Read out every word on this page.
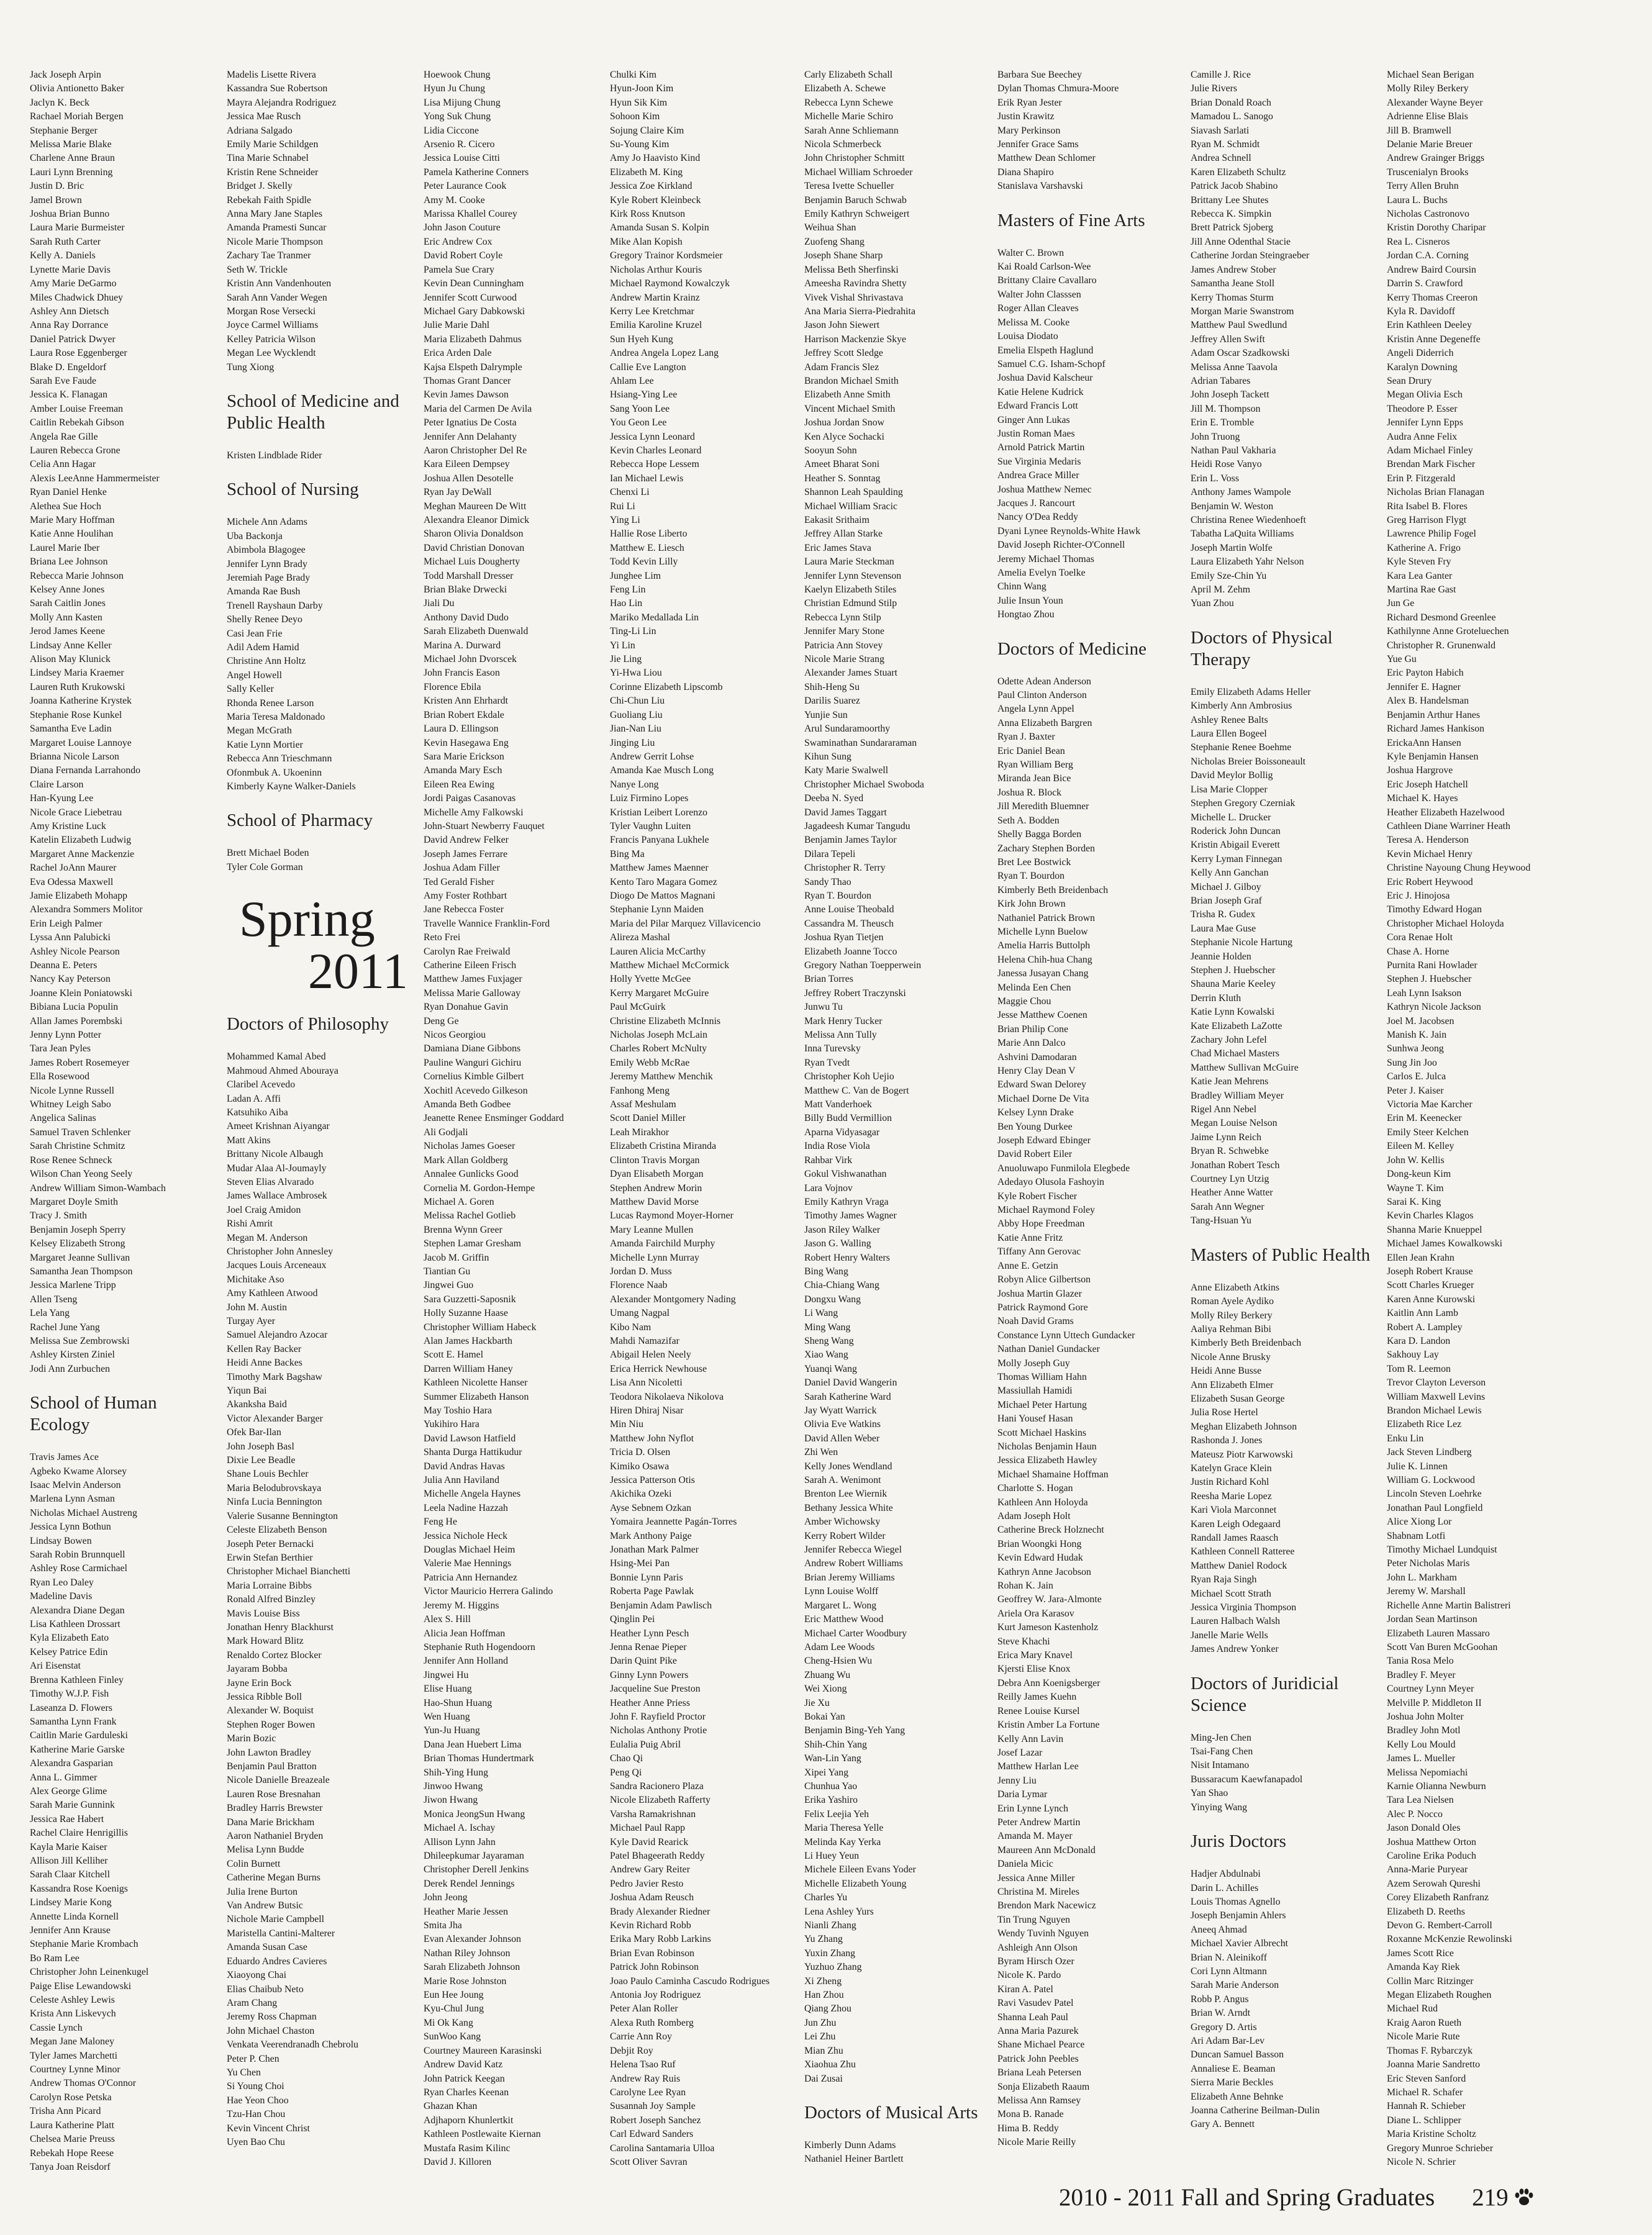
Jack Joseph Arpin
Olivia Antionetto Baker
Jaclyn K. Beck
Rachael Moriah Bergen
Stephanie Berger
Melissa Marie Blake
Charlene Anne Braun
Lauri Lynn Brenning
Justin D. Bric
Jamel Brown
Joshua Brian Bunno
Laura Marie Burmeister
Sarah Ruth Carter
Kelly A. Daniels
Lynette Marie Davis
Amy Marie DeGarmo
Miles Chadwick Dhuey
Ashley Ann Dietsch
Anna Ray Dorrance
Daniel Patrick Dwyer
Laura Rose Eggenberger
Blake D. Engeldorf
Sarah Eve Faude
Jessica K. Flanagan
Amber Louise Freeman
Caitlin Rebekah Gibson
Angela Rae Gille
Lauren Rebecca Grone
Celia Ann Hagar
Alexis LeeAnne Hammermeister
Ryan Daniel Henke
Alethea Sue Hoch
Marie Mary Hoffman
Katie Anne Houlihan
Laurel Marie Iber
Briana Lee Johnson
Rebecca Marie Johnson
Kelsey Anne Jones
Sarah Caitlin Jones
Molly Ann Kasten
Jerod James Keene
Lindsay Anne Keller
Alison May Klunick
Lindsey Maria Kraemer
Lauren Ruth Krukowski
Joanna Katherine Krystek
Stephanie Rose Kunkel
Samantha Eve Ladin
Margaret Louise Lannoye
Brianna Nicole Larson
Diana Fernanda Larrahondo
Claire Larson
Han-Kyung Lee
Nicole Grace Liebetrau
Amy Kristine Luck
Katelin Elizabeth Ludwig
Margaret Anne Mackenzie
Rachel JoAnn Maurer
Eva Odessa Maxwell
Jamie Elizabeth Mohapp
Alexandra Sommers Molitor
Erin Leigh Palmer
Lyssa Ann Palubicki
Ashley Nicole Pearson
Deanna E. Peters
Nancy Kay Peterson
Joanne Klein Poniatowski
Bibiana Lucia Populin
Allan James Porembski
Jenny Lynn Potter
Tara Jean Pyles
James Robert Rosemeyer
Ella Rosewood
Nicole Lynne Russell
Whitney Leigh Sabo
Angelica Salinas
Samuel Traven Schlenker
Sarah Christine Schmitz
Rose Renee Schneck
Wilson Chan Yeong Seely
Andrew William Simon-Wambach
Margaret Doyle Smith
Tracy J. Smith
Benjamin Joseph Sperry
Kelsey Elizabeth Strong
Margaret Jeanne Sullivan
Samantha Jean Thompson
Jessica Marlene Tripp
Allen Tseng
Lela Yang
Rachel June Yang
Melissa Sue Zembrowski
Ashley Kirsten Ziniel
Jodi Ann Zurbuchen
School of Human Ecology
Travis James Ace
Agbeko Kwame Alorsey
Isaac Melvin Anderson
Marlena Lynn Asman
Nicholas Michael Austreng
Jessica Lynn Bothun
Lindsay Bowen
Sarah Robin Brunnquell
Ashley Rose Carmichael
Ryan Leo Daley
Madeline Davis
Alexandra Diane Degan
Lisa Kathleen Drossart
Kyla Elizabeth Eato
Kelsey Patrice Edin
Ari Eisenstat
Brenna Kathleen Finley
Timothy W.J.P. Fish
Laseanza D. Flowers
Samantha Lynn Frank
Caitlin Marie Garduleski
Katherine Marie Garske
Alexandra Gasparian
Anna L. Gimmer
Alex George Glime
Sarah Marie Gunnink
Jessica Rae Habert
Rachel Claire Henrigillis
Kayla Marie Kaiser
Allison Jill Kelliher
Sarah Claar Kitchell
Kassandra Rose Koenigs
Lindsey Marie Kong
Annette Linda Kornell
Jennifer Ann Krause
Stephanie Marie Krombach
Bo Ram Lee
Christopher John Leinenkugel
Paige Elise Lewandowski
Celeste Ashley Lewis
Krista Ann Liskevych
Cassie Lynch
Megan Jane Maloney
Tyler James Marchetti
Courtney Lynne Minor
Andrew Thomas O'Connor
Carolyn Rose Petska
Trisha Ann Picard
Laura Katherine Platt
Chelsea Marie Preuss
Rebekah Hope Reese
Tanya Joan Reisdorf
Madelis Lisette Rivera
Kassandra Sue Robertson
Mayra Alejandra Rodriguez
Jessica Mae Rusch
Adriana Salgado
Emily Marie Schildgen
Tina Marie Schnabel
Kristin Rene Schneider
Bridget J. Skelly
Rebekah Faith Spidle
Anna Mary Jane Staples
Amanda Pramesti Suncar
Nicole Marie Thompson
Zachary Tae Tranmer
Seth W. Trickle
Kristin Ann Vandenhouten
Sarah Ann Vander Wegen
Morgan Rose Versecki
Joyce Carmel Williams
Kelley Patricia Wilson
Megan Lee Wycklendt
Tung Xiong
School of Medicine and Public Health
Kristen Lindblade Rider
School of Nursing
Michele Ann Adams
Uba Backonja
Abimbola Blagogee
Jennifer Lynn Brady
Jeremiah Page Brady
Amanda Rae Bush
Trenell Rayshaun Darby
Shelly Renee Deyo
Casi Jean Frie
Adil Adem Hamid
Christine Ann Holtz
Angel Howell
Sally Keller
Rhonda Renee Larson
Maria Teresa Maldonado
Megan McGrath
Katie Lynn Mortier
Rebecca Ann Trieschmann
Ofonmbuk A. Ukoeninn
Kimberly Kayne Walker-Daniels
School of Pharmacy
Brett Michael Boden
Tyler Cole Gorman
Spring
2011
Doctors of Philosophy
Mohammed Kamal Abed
Mahmoud Ahmed Abouraya
Claribel Acevedo
Ladan A. Affi
Katsuhiko Aiba
Ameet Krishnan Aiyangar
Matt Akins
Brittany Nicole Albaugh
Mudar Alaa Al-Joumayly
Steven Elias Alvarado
James Wallace Ambrosek
Joel Craig Amidon
Rishi Amrit
Megan M. Anderson
Christopher John Annesley
Jacques Louis Arceneaux
Michitake Aso
Amy Kathleen Atwood
John M. Austin
Turgay Ayer
Samuel Alejandro Azocar
Kellen Ray Backer
Heidi Anne Backes
Timothy Mark Bagshaw
Yiqun Bai
Akanksha Baid
Victor Alexander Barger
Ofek Bar-Ilan
John Joseph Basl
Dixie Lee Beadle
Shane Louis Bechler
Maria Belodubrovskaya
Ninfa Lucia Bennington
Valerie Susanne Bennington
Celeste Elizabeth Benson
Joseph Peter Bernacki
Erwin Stefan Berthier
Christopher Michael Bianchetti
Maria Lorraine Bibbs
Ronald Alfred Binzley
Mavis Louise Biss
Jonathan Henry Blackhurst
Mark Howard Blitz
Renaldo Cortez Blocker
Jayaram Bobba
Jayne Erin Bock
Jessica Ribble Boll
Alexander W. Boquist
Stephen Roger Bowen
Marin Bozic
John Lawton Bradley
Benjamin Paul Bratton
Nicole Danielle Breazeale
Lauren Rose Bresnahan
Bradley Harris Brewster
Dana Marie Brickham
Aaron Nathaniel Bryden
Melisa Lynn Budde
Colin Burnett
Catherine Megan Burns
Julia Irene Burton
Van Andrew Butsic
Nichole Marie Campbell
Maristella Cantini-Malterer
Amanda Susan Case
Eduardo Andres Cavieres
Xiaoyong Chai
Elias Chaibub Neto
Aram Chang
Jeremy Ross Chapman
John Michael Chaston
Venkata Veerendranadh Chebrolu
Peter P. Chen
Yu Chen
Si Young Choi
Hae Yeon Choo
Tzu-Han Chou
Kevin Vincent Christ
Uyen Bao Chu
Hoewook Chung
Hyun Ju Chung
Lisa Mijung Chung
Yong Suk Chung
Lidia Ciccone
Arsenio R. Cicero
Jessica Louise Citti
Pamela Katherine Conners
Peter Laurance Cook
Amy M. Cooke
Marissa Khallel Courey
John Jason Couture
Eric Andrew Cox
David Robert Coyle
Pamela Sue Crary
Kevin Dean Cunningham
Jennifer Scott Curwood
Michael Gary Dabkowski
Julie Marie Dahl
Maria Elizabeth Dahmus
Erica Arden Dale
Kajsa Elspeth Dalrymple
Thomas Grant Dancer
Kevin James Dawson
Maria del Carmen De Avila
Peter Ignatius De Costa
Jennifer Ann Delahanty
Aaron Christopher Del Re
Kara Eileen Dempsey
Joshua Allen Desotelle
Ryan Jay DeWall
Meghan Maureen De Witt
Alexandra Eleanor Dimick
Sharon Olivia Donaldson
David Christian Donovan
Michael Luis Dougherty
Todd Marshall Dresser
Brian Blake Drwecki
Jiali Du
Anthony David Dudo
Sarah Elizabeth Duenwald
Marina A. Durward
Michael John Dvorscek
John Francis Eason
Florence Ebila
Kristen Ann Ehrhardt
Brian Robert Ekdale
Laura D. Ellingson
Kevin Hasegawa Eng
Sara Marie Erickson
Amanda Mary Esch
Eileen Rea Ewing
Jordi Paigas Casanovas
Michelle Amy Falkowski
John-Stuart Newberry Fauquet
David Andrew Felker
Joseph James Ferrare
Joshua Adam Filler
Ted Gerald Fisher
Amy Foster Rothbart
Jane Rebecca Foster
Travelle Wannice Franklin-Ford
Reto Frei
Carolyn Rae Freiwald
Catherine Eileen Frisch
Matthew James Fuxjager
Melissa Marie Galloway
Ryan Donahue Gavin
Deng Ge
Nicos Georgiou
Damiana Diane Gibbons
Pauline Wanguri Gichiru
Cornelius Kimble Gilbert
Xochitl Acevedo Gilkeson
Amanda Beth Godbee
Jeanette Renee Ensminger Goddard
Ali Godjali
Nicholas James Goeser
Mark Allan Goldberg
Annalee Gunlicks Good
Cornelia M. Gordon-Hempe
Michael A. Goren
Melissa Rachel Gotlieb
Brenna Wynn Greer
Stephen Lamar Gresham
Jacob M. Griffin
Tiantian Gu
Jingwei Guo
Sara Guzzetti-Saposnik
Holly Suzanne Haase
Christopher William Habeck
Alan James Hackbarth
Scott E. Hamel
Darren William Haney
Kathleen Nicolette Hanser
Summer Elizabeth Hanson
May Toshio Hara
Yukihiro Hara
David Lawson Hatfield
Shanta Durga Hattikudur
David Andras Havas
Julia Ann Haviland
Michelle Angela Haynes
Leela Nadine Hazzah
Feng He
Jessica Nichole Heck
Douglas Michael Heim
Valerie Mae Hennings
Patricia Ann Hernandez
Victor Mauricio Herrera Galindo
Jeremy M. Higgins
Alex S. Hill
Alicia Jean Hoffman
Stephanie Ruth Hogendoorn
Jennifer Ann Holland
Jingwei Hu
Elise Huang
Hao-Shun Huang
Wen Huang
Yun-Ju Huang
Dana Jean Huebert Lima
Brian Thomas Hundertmark
Shih-Ying Hung
Jinwoo Hwang
Jiwon Hwang
Monica JeongSun Hwang
Michael A. Ischay
Allison Lynn Jahn
Dhileepkumar Jayaraman
Christopher Derell Jenkins
Derek Rendel Jennings
John Jeong
Heather Marie Jessen
Smita Jha
Evan Alexander Johnson
Nathan Riley Johnson
Sarah Elizabeth Johnson
Marie Rose Johnston
Eun Hee Joung
Kyu-Chul Jung
Mi Ok Kang
SunWoo Kang
Courtney Maureen Karasinski
Andrew David Katz
John Patrick Keegan
Ryan Charles Keenan
Ghazan Khan
Adjhaporn Khunlertkit
Kathleen Postlewaite Kiernan
Mustafa Rasim Kilinc
David J. Killoren
Chulki Kim
Hyun-Joon Kim
Hyun Sik Kim
Sohoon Kim
Sojung Claire Kim
Su-Young Kim
Amy Jo Haavisto Kind
Elizabeth M. King
Jessica Zoe Kirkland
Kyle Robert Kleinbeck
Kirk Ross Knutson
Amanda Susan S. Kolpin
Mike Alan Kopish
Gregory Trainor Kordsmeier
Nicholas Arthur Kouris
Michael Raymond Kowalczyk
Andrew Martin Krainz
Kerry Lee Kretchmar
Emilia Karoline Kruzel
Sun Hyeh Kung
Andrea Angela Lopez Lang
Callie Eve Langton
Ahlam Lee
Hsiang-Ying Lee
Sang Yoon Lee
You Geon Lee
Jessica Lynn Leonard
Kevin Charles Leonard
Rebecca Hope Lessem
Ian Michael Lewis
Chenxi Li
Rui Li
Ying Li
Hallie Rose Liberto
Matthew E. Liesch
Todd Kevin Lilly
Junghee Lim
Feng Lin
Hao Lin
Mariko Medallada Lin
Ting-Li Lin
Yi Lin
Jie Ling
Yi-Hwa Liou
Corinne Elizabeth Lipscomb
Chi-Chun Liu
Guoliang Liu
Jian-Nan Liu
Jinging Liu
Andrew Gerrit Lohse
Amanda Kae Musch Long
Nanye Long
Luiz Firmino Lopes
Kristian Leibert Lorenzo
Tyler Vaughn Luiten
Francis Panyana Lukhele
Bing Ma
Matthew James Maenner
Kento Taro Magara Gomez
Diogo De Mattos Magnani
Stephanie Lynn Maiden
Maria del Pilar Marquez Villavicencio
Alireza Mashal
Lauren Alicia McCarthy
Matthew Michael McCormick
Holly Yvette McGee
Kerry Margaret McGuire
Paul McGuirk
Christine Elizabeth McInnis
Nicholas Joseph McLain
Charles Robert McNulty
Emily Webb McRae
Jeremy Matthew Menchik
Fanhong Meng
Assaf Meshulam
Scott Daniel Miller
Leah Mirakhor
Elizabeth Cristina Miranda
Clinton Travis Morgan
Dyan Elisabeth Morgan
Stephen Andrew Morin
Matthew David Morse
Lucas Raymond Moyer-Horner
Mary Leanne Mullen
Amanda Fairchild Murphy
Michelle Lynn Murray
Jordan D. Muss
Florence Naab
Alexander Montgomery Nading
Umang Nagpal
Kibo Nam
Mahdi Namazifar
Abigail Helen Neely
Erica Herrick Newhouse
Lisa Ann Nicoletti
Teodora Nikolaeva Nikolova
Hiren Dhiraj Nisar
Min Niu
Matthew John Nyflot
Tricia D. Olsen
Kimiko Osawa
Jessica Patterson Otis
Akichika Ozeki
Ayse Sebnem Ozkan
Yomaira Jeannette Pagán-Torres
Mark Anthony Paige
Jonathan Mark Palmer
Hsing-Mei Pan
Bonnie Lynn Paris
Roberta Page Pawlak
Benjamin Adam Pawlisch
Qinglin Pei
Heather Lynn Pesch
Jenna Renae Pieper
Darin Quint Pike
Ginny Lynn Powers
Jacqueline Sue Preston
Heather Anne Priess
John F. Rayfield Proctor
Nicholas Anthony Protie
Eulalia Puig Abril
Chao Qi
Peng Qi
Sandra Racionero Plaza
Nicole Elizabeth Rafferty
Varsha Ramakrishnan
Michael Paul Rapp
Kyle David Rearick
Patel Bhageerath Reddy
Andrew Gary Reiter
Pedro Javier Resto
Joshua Adam Reusch
Brady Alexander Riedner
Kevin Richard Robb
Erika Mary Robb Larkins
Brian Evan Robinson
Patrick John Robinson
Joao Paulo Caminha Cascudo Rodrigues
Antonia Joy Rodriguez
Peter Alan Roller
Alexa Ruth Romberg
Carrie Ann Roy
Debjit Roy
Helena Tsao Ruf
Andrew Ray Ruis
Carolyne Lee Ryan
Susannah Joy Sample
Robert Joseph Sanchez
Carl Edward Sanders
Carolina Santamaria Ulloa
Scott Oliver Savran
Carly Elizabeth Schall
Elizabeth A. Schewe
Rebecca Lynn Schewe
Michelle Marie Schiro
Sarah Anne Schliemann
Nicola Schmerbeck
John Christopher Schmitt
Michael William Schroeder
Teresa Ivette Schueller
Benjamin Baruch Schwab
Emily Kathryn Schweigert
Weihua Shan
Zuofeng Shang
Joseph Shane Sharp
Melissa Beth Sherfinski
Ameesha Ravindra Shetty
Vivek Vishal Shrivastava
Ana Maria Sierra-Piedrahita
Jason John Siewert
Harrison Mackenzie Skye
Jeffrey Scott Sledge
Adam Francis Slez
Brandon Michael Smith
Elizabeth Anne Smith
Vincent Michael Smith
Joshua Jordan Snow
Ken Alyce Sochacki
Sooyun Sohn
Ameet Bharat Soni
Heather S. Sonntag
Shannon Leah Spaulding
Michael William Sracic
Eakasit Srithaim
Jeffrey Allan Starke
Eric James Stava
Laura Marie Steckman
Jennifer Lynn Stevenson
Kaelyn Elizabeth Stiles
Christian Edmund Stilp
Rebecca Lynn Stilp
Jennifer Mary Stone
Patricia Ann Stovey
Nicole Marie Strang
Alexander James Stuart
Shih-Heng Su
Darilis Suarez
Yunjie Sun
Arul Sundaramoorthy
Swaminathan Sundararaman
Kihun Sung
Katy Marie Swalwell
Christopher Michael Swoboda
Deeba N. Syed
David James Taggart
Jagadeesh Kumar Tangudu
Benjamin James Taylor
Dilara Tepeli
Christopher R. Terry
Sandy Thao
Ryan T. Bourdon
Anne Louise Theobald
Cassandra M. Theusch
Joshua Ryan Tietjen
Elizabeth Joanne Tocco
Gregory Nathan Toepperwein
Brian Torres
Jeffrey Robert Traczynski
Junwu Tu
Mark Henry Tucker
Melissa Ann Tully
Inna Turevsky
Ryan Tvedt
Christopher Koh Uejio
Matthew C. Van de Bogert
Matt Vanderhoek
Billy Budd Vermillion
Aparna Vidyasagar
India Rose Viola
Rahbar Virk
Gokul Vishwanathan
Lara Vojnov
Emily Kathryn Vraga
Timothy James Wagner
Jason Riley Walker
Jason G. Walling
Robert Henry Walters
Bing Wang
Chia-Chiang Wang
Dongxu Wang
Li Wang
Ming Wang
Sheng Wang
Xiao Wang
Yuanqi Wang
Daniel David Wangerin
Sarah Katherine Ward
Jay Wyatt Warrick
Olivia Eve Watkins
David Allen Weber
Zhi Wen
Kelly Jones Wendland
Sarah A. Wenimont
Brenton Lee Wiernik
Bethany Jessica White
Amber Wichowsky
Kerry Robert Wilder
Jennifer Rebecca Wiegel
Andrew Robert Williams
Brian Jeremy Williams
Lynn Louise Wolff
Margaret L. Wong
Eric Matthew Wood
Michael Carter Woodbury
Adam Lee Woods
Cheng-Hsien Wu
Zhuang Wu
Wei Xiong
Jie Xu
Bokai Yan
Benjamin Bing-Yeh Yang
Shih-Chin Yang
Wan-Lin Yang
Xipei Yang
Chunhua Yao
Erika Yashiro
Felix Leejia Yeh
Maria Theresa Yelle
Melinda Kay Yerka
Li Huey Yeun
Michele Eileen Evans Yoder
Michelle Elizabeth Young
Charles Yu
Lena Ashley Yurs
Nianli Zhang
Yu Zhang
Yuxin Zhang
Yuzhuo Zhang
Xi Zheng
Han Zhou
Qiang Zhou
Jun Zhu
Lei Zhu
Mian Zhu
Xiaohua Zhu
Dai Zusai
Doctors of Musical Arts
Kimberly Dunn Adams
Nathaniel Heiner Bartlett
Barbara Sue Beechey
Dylan Thomas Chmura-Moore
Erik Ryan Jester
Justin Krawitz
Mary Perkinson
Jennifer Grace Sams
Matthew Dean Schlomer
Diana Shapiro
Stanislava Varshavski
Masters of Fine Arts
Walter C. Brown
Kai Roald Carlson-Wee
Brittany Claire Cavallaro
Walter John Classsen
Roger Allan Cleaves
Melissa M. Cooke
Louisa Diodato
Emelia Elspeth Haglund
Samuel C.G. Isham-Schopf
Joshua David Kalscheur
Katie Helene Kudrick
Edward Francis Lott
Ginger Ann Lukas
Justin Roman Maes
Arnold Patrick Martin
Sue Virginia Medaris
Andrea Grace Miller
Joshua Matthew Nemec
Jacques J. Rancourt
Nancy O'Dea Reddy
Dyani Lynee Reynolds-White Hawk
David Joseph Richter-O'Connell
Jeremy Michael Thomas
Amelia Evelyn Toelke
Chinn Wang
Julie Insun Youn
Hongtao Zhou
Doctors of Medicine
Odette Adean Anderson
Paul Clinton Anderson
Angela Lynn Appel
Anna Elizabeth Bargren
Ryan J. Baxter
Eric Daniel Bean
Ryan William Berg
Miranda Jean Bice
Joshua R. Block
Jill Meredith Bluemner
Seth A. Bodden
Shelly Bagga Borden
Zachary Stephen Borden
Bret Lee Bostwick
Ryan T. Bourdon
Kimberly Beth Breidenbach
Kirk John Brown
Nathaniel Patrick Brown
Michelle Lynn Buelow
Amelia Harris Buttolph
Helena Chih-hua Chang
Janessa Jusayan Chang
Melinda Een Chen
Maggie Chou
Jesse Matthew Coenen
Brian Philip Cone
Marie Ann Dalco
Ashvini Damodaran
Henry Clay Dean V
Edward Swan Delorey
Michael Dorne De Vita
Kelsey Lynn Drake
Ben Young Durkee
Joseph Edward Ebinger
David Robert Eiler
Anuoluwapo Funmilola Elegbede
Adedayo Olusola Fashoyin
Kyle Robert Fischer
Michael Raymond Foley
Abby Hope Freedman
Katie Anne Fritz
Tiffany Ann Gerovac
Anne E. Getzin
Robyn Alice Gilbertson
Joshua Martin Glazer
Patrick Raymond Gore
Noah David Grams
Constance Lynn Uttech Gundacker
Nathan Daniel Gundacker
Molly Joseph Guy
Thomas William Hahn
Massiullah Hamidi
Michael Peter Hartung
Hani Yousef Hasan
Scott Michael Haskins
Nicholas Benjamin Haun
Jessica Elizabeth Hawley
Michael Shamaine Hoffman
Charlotte S. Hogan
Kathleen Ann Holoyda
Adam Joseph Holt
Catherine Breck Holznecht
Brian Woongki Hong
Kevin Edward Hudak
Kathryn Anne Jacobson
Rohan K. Jain
Geoffrey W. Jara-Almonte
Ariela Ora Karasov
Kurt Jameson Kastenholz
Steve Khachi
Erica Mary Knavel
Kjersti Elise Knox
Debra Ann Koenigsberger
Reilly James Kuehn
Renee Louise Kursel
Kristin Amber La Fortune
Kelly Ann Lavin
Josef Lazar
Matthew Harlan Lee
Jenny Liu
Daria Lymar
Erin Lynne Lynch
Peter Andrew Martin
Amanda M. Mayer
Maureen Ann McDonald
Daniela Micic
Jessica Anne Miller
Christina M. Mireles
Brendon Mark Nacewicz
Tin Trung Nguyen
Wendy Tuvinh Nguyen
Ashleigh Ann Olson
Byram Hirsch Ozer
Nicole K. Pardo
Kiran A. Patel
Ravi Vasudev Patel
Shanna Leah Paul
Anna Maria Pazurek
Shane Michael Pearce
Patrick John Peebles
Briana Leah Petersen
Sonja Elizabeth Raaum
Melissa Ann Ramsey
Mona B. Ranade
Hima B. Reddy
Nicole Marie Reilly
Camille J. Rice
Julie Rivers
Brian Donald Roach
Mamadou L. Sanogo
Siavash Sarlati
Ryan M. Schmidt
Andrea Schnell
Karen Elizabeth Schultz
Patrick Jacob Shabino
Brittany Lee Shutes
Rebecca K. Simpkin
Brett Patrick Sjoberg
Jill Anne Odenthal Stacie
Catherine Jordan Steingraeber
James Andrew Stober
Samantha Jeane Stoll
Kerry Thomas Sturm
Morgan Marie Swanstrom
Matthew Paul Swedlund
Jeffrey Allen Swift
Adam Oscar Szadkowski
Melissa Anne Taavola
Adrian Tabares
John Joseph Tackett
Jill M. Thompson
Erin E. Tromble
John Truong
Nathan Paul Vakharia
Heidi Rose Vanyo
Erin L. Voss
Anthony James Wampole
Benjamin W. Weston
Christina Renee Wiedenhoeft
Tabatha LaQuita Williams
Joseph Martin Wolfe
Laura Elizabeth Yahr Nelson
Emily Sze-Chin Yu
April M. Zehm
Yuan Zhou
Doctors of Physical Therapy
Emily Elizabeth Adams Heller
Kimberly Ann Ambrosius
Ashley Renee Balts
Laura Ellen Bogeel
Stephanie Renee Boehme
Nicholas Breier Boissoneault
David Meylor Bollig
Lisa Marie Clopper
Stephen Gregory Czerniak
Michelle L. Drucker
Roderick John Duncan
Kristin Abigail Everett
Kerry Lyman Finnegan
Kelly Ann Ganchan
Michael J. Gilboy
Brian Joseph Graf
Trisha R. Gudex
Laura Mae Guse
Stephanie Nicole Hartung
Jeannie Holden
Stephen J. Huebscher
Shauna Marie Keeley
Derrin Kluth
Katie Lynn Kowalski
Kate Elizabeth LaZotte
Zachary John Lefel
Chad Michael Masters
Matthew Sullivan McGuire
Katie Jean Mehrens
Bradley William Meyer
Rigel Ann Nebel
Megan Louise Nelson
Jaime Lynn Reich
Bryan R. Schwebke
Jonathan Robert Tesch
Courtney Lyn Utzig
Heather Anne Watter
Sarah Ann Wegner
Tang-Hsuan Yu
Masters of Public Health
Anne Elizabeth Atkins
Roman Ayele Aydiko
Molly Riley Berkery
Aaliya Rehman Bibi
Kimberly Beth Breidenbach
Nicole Anne Brusky
Heidi Anne Busse
Ann Elizabeth Elmer
Elizabeth Susan George
Julia Rose Hertel
Meghan Elizabeth Johnson
Rashonda J. Jones
Mateusz Piotr Karwowski
Katelyn Grace Klein
Justin Richard Kohl
Reesha Marie Lopez
Kari Viola Marconnet
Karen Leigh Odegaard
Randall James Raasch
Kathleen Connell Ratteree
Matthew Daniel Rodock
Ryan Raja Singh
Michael Scott Strath
Jessica Virginia Thompson
Lauren Halbach Walsh
Janelle Marie Wells
James Andrew Yonker
Doctors of Juridicial Science
Ming-Jen Chen
Tsai-Fang Chen
Nisit Intamano
Bussaracum Kaewfanapadol
Yan Shao
Yinying Wang
Juris Doctors
Hadjer Abdulnabi
Darin L. Achilles
Louis Thomas Agnello
Joseph Benjamin Ahlers
Aneeq Ahmad
Michael Xavier Albrecht
Brian N. Aleinikoff
Cori Lynn Altmann
Sarah Marie Anderson
Robb P. Angus
Brian W. Arndt
Gregory D. Artis
Ari Adam Bar-Lev
Duncan Samuel Basson
Annaliese E. Beaman
Sierra Marie Beckles
Elizabeth Anne Behnke
Joanna Catherine Beilman-Dulin
Gary A. Bennett
Michael Sean Berigan
Molly Riley Berkery
Alexander Wayne Beyer
Adrienne Elise Blais
Jill B. Bramwell
Delanie Marie Breuer
Andrew Grainger Briggs
Truscenialyn Brooks
Terry Allen Bruhn
Laura L. Buchs
Nicholas Castronovo
Kristin Dorothy Charipar
Rea L. Cisneros
Jordan C.A. Corning
Andrew Baird Coursin
Darrin S. Crawford
Kerry Thomas Creeron
Kyla R. Davidoff
Erin Kathleen Deeley
Kristin Anne Degeneffe
Angeli Diderrich
Karalyn Downing
Sean Drury
Megan Olivia Esch
Theodore P. Esser
Jennifer Lynn Epps
Audra Anne Felix
Adam Michael Finley
Brendan Mark Fischer
Erin P. Fitzgerald
Nicholas Brian Flanagan
Rita Isabel B. Flores
Greg Harrison Flygt
Lawrence Philip Fogel
Katherine A. Frigo
Kyle Steven Fry
Kara Lea Ganter
Martina Rae Gast
Jun Ge
Richard Desmond Greenlee
Kathilynne Anne Groteluechen
Christopher R. Grunenwald
Yue Gu
Eric Payton Habich
Jennifer E. Hagner
Alex B. Handelsman
Benjamin Arthur Hanes
Richard James Hankison
ErickaAnn Hansen
Kyle Benjamin Hansen
Joshua Hargrove
Eric Joseph Hatchell
Michael K. Hayes
Heather Elizabeth Hazelwood
Cathleen Diane Warriner Heath
Teresa A. Henderson
Kevin Michael Henry
Christine Nayoung Chung Heywood
Eric Robert Heywood
Eric J. Hinojosa
Timothy Edward Hogan
Christopher Michael Holoyda
Cora Renae Holt
Chase A. Horne
Purnita Rani Howlader
Stephen J. Huebscher
Leah Lynn Isakson
Kathryn Nicole Jackson
Joel M. Jacobsen
Manish K. Jain
Sunhwa Jeong
Sung Jin Joo
Carlos E. Julca
Peter J. Kaiser
Victoria Mae Karcher
Erin M. Keenecker
Emily Steer Kelchen
Eileen M. Kelley
John W. Kellis
Dong-keun Kim
Wayne T. Kim
Sarai K. King
Kevin Charles Klagos
Shanna Marie Knueppel
Michael James Kowalkowski
Ellen Jean Krahn
Joseph Robert Krause
Scott Charles Krueger
Karen Anne Kurowski
Kaitlin Ann Lamb
Robert A. Lampley
Kara D. Landon
Sakhouy Lay
Tom R. Leemon
Trevor Clayton Leverson
William Maxwell Levins
Brandon Michael Lewis
Elizabeth Rice Lez
Enku Lin
Jack Steven Lindberg
Julie K. Linnen
William G. Lockwood
Lincoln Steven Loehrke
Jonathan Paul Longfield
Alice Xiong Lor
Shabnam Lotfi
Timothy Michael Lundquist
Peter Nicholas Maris
John L. Markham
Jeremy W. Marshall
Richelle Anne Martin Balistreri
Jordan Sean Martinson
Elizabeth Lauren Massaro
Scott Van Buren McGoohan
Tania Rosa Melo
Bradley F. Meyer
Courtney Lynn Meyer
Melville P. Middleton II
Joshua John Molter
Bradley John Motl
Kelly Lou Mould
James L. Mueller
Melissa Nepomiachi
Karnie Olianna Newburn
Tara Lea Nielsen
Alec P. Nocco
Jason Donald Oles
Joshua Matthew Orton
Caroline Erika Poduch
Anna-Marie Puryear
Azem Serowah Qureshi
Corey Elizabeth Ranfranz
Elizabeth D. Reeths
Devon G. Rembert-Carroll
Roxanne McKenzie Rewolinski
James Scott Rice
Amanda Kay Riek
Collin Marc Ritzinger
Megan Elizabeth Roughen
Michael Rud
Kraig Aaron Rueth
Nicole Marie Rute
Thomas F. Rybarczyk
Joanna Marie Sandretto
Eric Steven Sanford
Michael R. Schafer
Hannah R. Schieber
Diane L. Schlipper
Maria Kristine Scholtz
Gregory Munroe Schrieber
Nicole N. Schrier
2010 - 2011 Fall and Spring Graduates 219
